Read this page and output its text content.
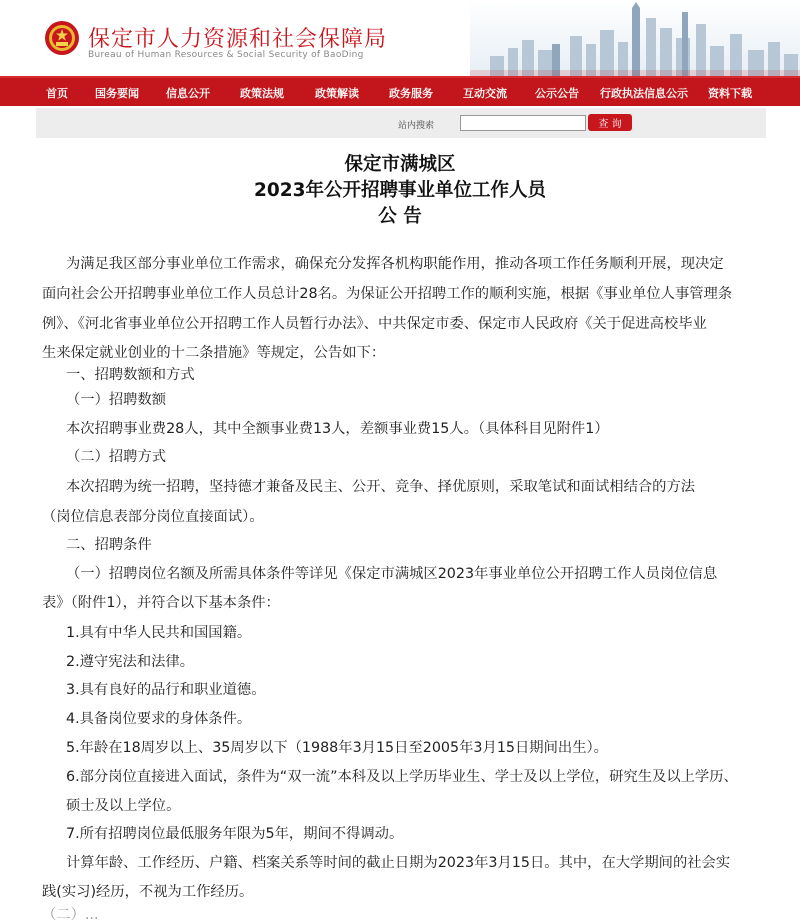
保定市人力资源和社会保障局
Bureau of Human Resources & Social Security of BaoDing
首页 国务要闻 信息公开	政策法规	政策解读	政务服务	互动交流	公示公告 行政执法信息公示 资料下载
站内搜索	查 询
保定市满城区
2023年公开招聘事业单位工作人员
公 告
为满足我区部分事业单位工作需求，确保充分发挥各机构职能作用，推动各项工作任务顺利开展，现决定
面向社会公开招聘事业单位工作人员总计28名。为保证公开招聘工作的顺利实施，根据《事业单位人事管理条
例》、《河北省事业单位公开招聘工作人员暂行办法》、中共保定市委、保定市人民政府《关于促进高校毕业
生来保定就业创业的十二条措施》等规定，公告如下：
一、招聘数额和方式
（一）招聘数额
本次招聘事业费28人，其中全额事业费13人，差额事业费15人。（具体科目见附件1）
（二）招聘方式
本次招聘为统一招聘，坚持德才兼备及民主、公开、竞争、择优原则，采取笔试和面试相结合的方法
（岗位信息表部分岗位直接面试）。
二、招聘条件
（一）招聘岗位名额及所需具体条件等详见《保定市满城区2023年事业单位公开招聘工作人员岗位信息
表》（附件1），并符合以下基本条件：
1.具有中华人民共和国国籍。
2.遵守宪法和法律。
3.具有良好的品行和职业道德。
4.具备岗位要求的身体条件。
5.年龄在18周岁以上、35周岁以下（1988年3月15日至2005年3月15日期间出生）。
6.部分岗位直接进入面试，条件为“双一流”本科及以上学历毕业生、学士及以上学位，研究生及以上学历、
硕士及以上学位。
7.所有招聘岗位最低服务年限为5年，期间不得调动。
计算年龄、工作经历、户籍、档案关系等时间的截止日期为2023年3月15日。其中，在大学期间的社会实
践(实习)经历，不视为工作经历。
（二）...
